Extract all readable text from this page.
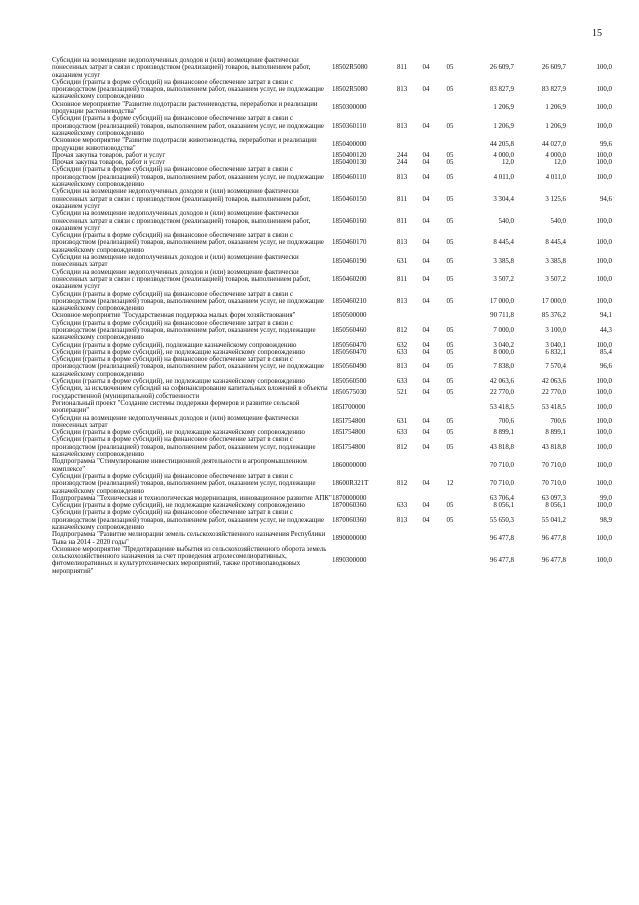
15
Субсидии на возмещение недополученных доходов и (или) возмещение фактически понесенных затрат в связи с производством (реализацией) товаров, выполнением работ, оказанием услуг	18502R5080	811	04	05	26 609,7	26 609,7	100,0
Субсидии (гранты в форме субсидий) на финансовое обеспечение затрат в связи с производством (реализацией) товаров, выполнением работ, оказанием услуг, не подлежащие казначейскому сопровождению	18502R5080	813	04	05	83 827,9	83 827,9	100,0
Основное мероприятие "Развитие подотрасли растениеводства, переработки и реализации продукции растениеводства"	1850300000				1 206,9	1 206,9	100,0
Субсидии (гранты в форме субсидий) на финансовое обеспечение затрат в связи с производством (реализацией) товаров, выполнением работ, оказанием услуг, не подлежащие казначейскому сопровождению	1850360110	813	04	05	1 206,9	1 206,9	100,0
Основное мероприятие "Развитие подотрасли животноводства, переработки и реализации продукции животноводства"	1850400000				44 205,8	44 027,0	99,6
Прочая закупка товаров, работ и услуг	1850400120	244	04	05	4 000,0	4 000,0	100,0
Прочая закупка товаров, работ и услуг	1850400130	244	04	05	12,0	12,0	100,0
Субсидии (гранты в форме субсидий) на финансовое обеспечение затрат в связи с производством (реализацией) товаров, выполнением работ, оказанием услуг, не подлежащие казначейскому сопровождению	1850460110	813	04	05	4 011,0	4 011,0	100,0
Субсидии на возмещение недополученных доходов и (или) возмещение фактически понесенных затрат в связи с производством (реализацией) товаров, выполнением работ, оказанием услуг	1850460150	811	04	05	3 304,4	3 125,6	94,6
Субсидии на возмещение недополученных доходов и (или) возмещение фактически понесенных затрат в связи с производством (реализацией) товаров, выполнением работ, оказанием услуг	1850460160	811	04	05	540,0	540,0	100,0
Субсидии (гранты в форме субсидий) на финансовое обеспечение затрат в связи с производством (реализацией) товаров, выполнением работ, оказанием услуг, не подлежащие казначейскому сопровождению	1850460170	813	04	05	8 445,4	8 445,4	100,0
Субсидии на возмещение недополученных доходов и (или) возмещение фактически понесенных затрат	1850460190	631	04	05	3 385,8	3 385,8	100,0
Субсидии на возмещение недополученных доходов и (или) возмещение фактически понесенных затрат в связи с производством (реализацией) товаров, выполнением работ, оказанием услуг	1850460200	811	04	05	3 507,2	3 507,2	100,0
Субсидии (гранты в форме субсидий) на финансовое обеспечение затрат в связи с производством (реализацией) товаров, выполнением работ, оказанием услуг, не подлежащие казначейскому сопровождению	1850460210	813	04	05	17 000,0	17 000,0	100,0
Основное мероприятие "Государственная поддержка малых форм хозяйствования"	1850500000				90 711,8	85 376,2	94,1
Субсидии (гранты в форме субсидий) на финансовое обеспечение затрат в связи с производством (реализацией) товаров, выполнением работ, оказанием услуг, подлежащие казначейскому сопровождению	1850560460	812	04	05	7 000,0	3 100,0	44,3
Субсидии (гранты в форме субсидий), подлежащие казначейскому сопровождению	1850560470	632	04	05	3 040,2	3 040,1	100,0
Субсидии (гранты в форме субсидий), не подлежащие казначейскому сопровождению	1850560470	633	04	05	8 000,0	6 832,1	85,4
Субсидии (гранты в форме субсидий) на финансовое обеспечение затрат в связи с производством (реализацией) товаров, выполнением работ, оказанием услуг, не подлежащие казначейскому сопровождению	1850560490	813	04	05	7 838,0	7 570,4	96,6
Субсидии (гранты в форме субсидий), не подлежащие казначейскому сопровождению	1850560500	633	04	05	42 063,6	42 063,6	100,0
Субсидии, за исключением субсидий на софинансирование капитальных вложений в объекты государственной (муниципальной) собственности	1850575030	521	04	05	22 770,0	22 770,0	100,0
Региональный проект "Создание системы поддержки фермеров и развитие сельской кооперации"	185I700000				53 418,5	53 418,5	100,0
Субсидии на возмещение недополученных доходов и (или) возмещение фактически понесенных затрат	185I754800	631	04	05	700,6	700,6	100,0
Субсидии (гранты в форме субсидий), не подлежащие казначейскому сопровождению	185I754800	633	04	05	8 899,1	8 899,1	100,0
Субсидии (гранты в форме субсидий) на финансовое обеспечение затрат в связи с производством (реализацией) товаров, выполнением работ, оказанием услуг, подлежащие казначейскому сопровождению	185I754800	812	04	05	43 818,8	43 818,8	100,0
Подпрограмма "Стимулирование инвестиционной деятельности в агропромышленном комплексе"	1860000000				70 710,0	70 710,0	100,0
Субсидии (гранты в форме субсидий) на финансовое обеспечение затрат в связи с производством (реализацией) товаров, выполнением работ, оказанием услуг, подлежащие казначейскому сопровождению	18600R321T	812	04	12	70 710,0	70 710,0	100,0
Подпрограмма "Техническая и технологическая модернизация, инновационное развитие АПК"	1870000000				63 706,4	63 097,3	99,0
Субсидии (гранты в форме субсидий), не подлежащие казначейскому сопровождению	1870060360	633	04	05	8 056,1	8 056,1	100,0
Субсидии (гранты в форме субсидий) на финансовое обеспечение затрат в связи с производством (реализацией) товаров, выполнением работ, оказанием услуг, не подлежащие казначейскому сопровождению	1870060360	813	04	05	55 650,3	55 041,2	98,9
Подпрограмма "Развитие мелиорации земель сельскохозяйственного назначения Республики Тыва на 2014 - 2020 годы"	1890000000				96 477,8	96 477,8	100,0
Основное мероприятие "Предотвращение выбытия из сельскохозяйственного оборота земель сельскохозяйственного назначения за счет проведения агролесомелиоративных, фитомелиоративных и культуртехнических мероприятий, также противопаводковых мероприятий"	1890300000				96 477,8	96 477,8	100,0
